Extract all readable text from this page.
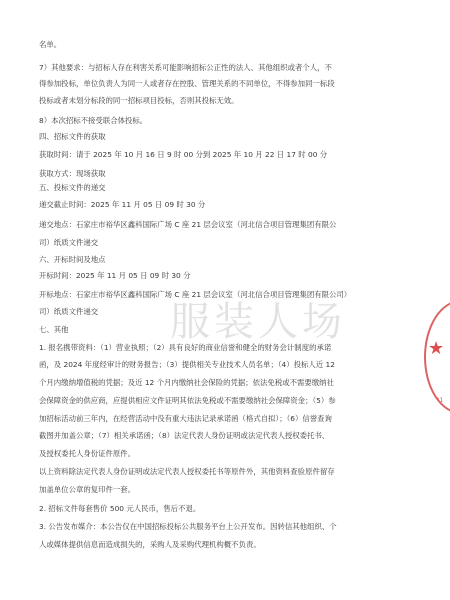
名单。
7）其他要求：与招标人存在利害关系可能影响招标公正性的法人、其他组织或者个人，不
得参加投标，单位负责人为同一人或者存在控股、管理关系的不同单位，不得参加同一标段
投标或者未划分标段的同一招标项目投标，否则其投标无效。
8）本次招标不接受联合体投标。
四、招标文件的获取
获取时间：请于 2025 年 10 月 16 日 9 时 00 分到 2025 年 10 月 22 日 17 时 00 分
获取方式：现场获取
五、投标文件的递交
递交截止时间：2025 年 11 月 05 日 09 时 30 分
递交地点：石家庄市裕华区鑫科国际广场 C 座 21 层会议室（河北信合项目管理集团有限公
司）纸质文件递交
六、开标时间及地点
开标时间：2025 年 11 月 05 日 09 时 30 分
开标地点：石家庄市裕华区鑫科国际广场 C 座 21 层会议室（河北信合项目管理集团有限公司）
司）纸质文件递交
七、其他
1. 报名携带资料：（1）营业执照；（2）具有良好的商业信誉和健全的财务会计制度的承诺
函，及 2024 年度经审计的财务报告；（3）提供相关专业技术人员名单；（4）投标人近 12
个月内缴纳增值税的凭据；及近 12 个月内缴纳社会保险的凭据；依法免税或不需要缴纳社
会保障资金的供应商，应提供相应文件证明其依法免税或不需要缴纳社会保障资金；（5）参
加招标活动前三年内，在经营活动中没有重大违法记录承诺函（格式自拟）；（6）信誉查询
截图并加盖公章；（7）相关承诺函；（8）法定代表人身份证明或法定代表人授权委托书、
及授权委托人身份证件原件。
以上资料除法定代表人身份证明或法定代表人授权委托书等原件外，其他资料查验原件留存
加盖单位公章的复印件一套。
2. 招标文件每套售价 500 元人民币，售后不退。
3. 公告发布媒介：本公告仅在中国招标投标公共服务平台上公开发布。因转信其他组织、个
人或媒体提供信息而造成损失的，采购人及采购代理机构概不负责。
服装人场
★
7621
